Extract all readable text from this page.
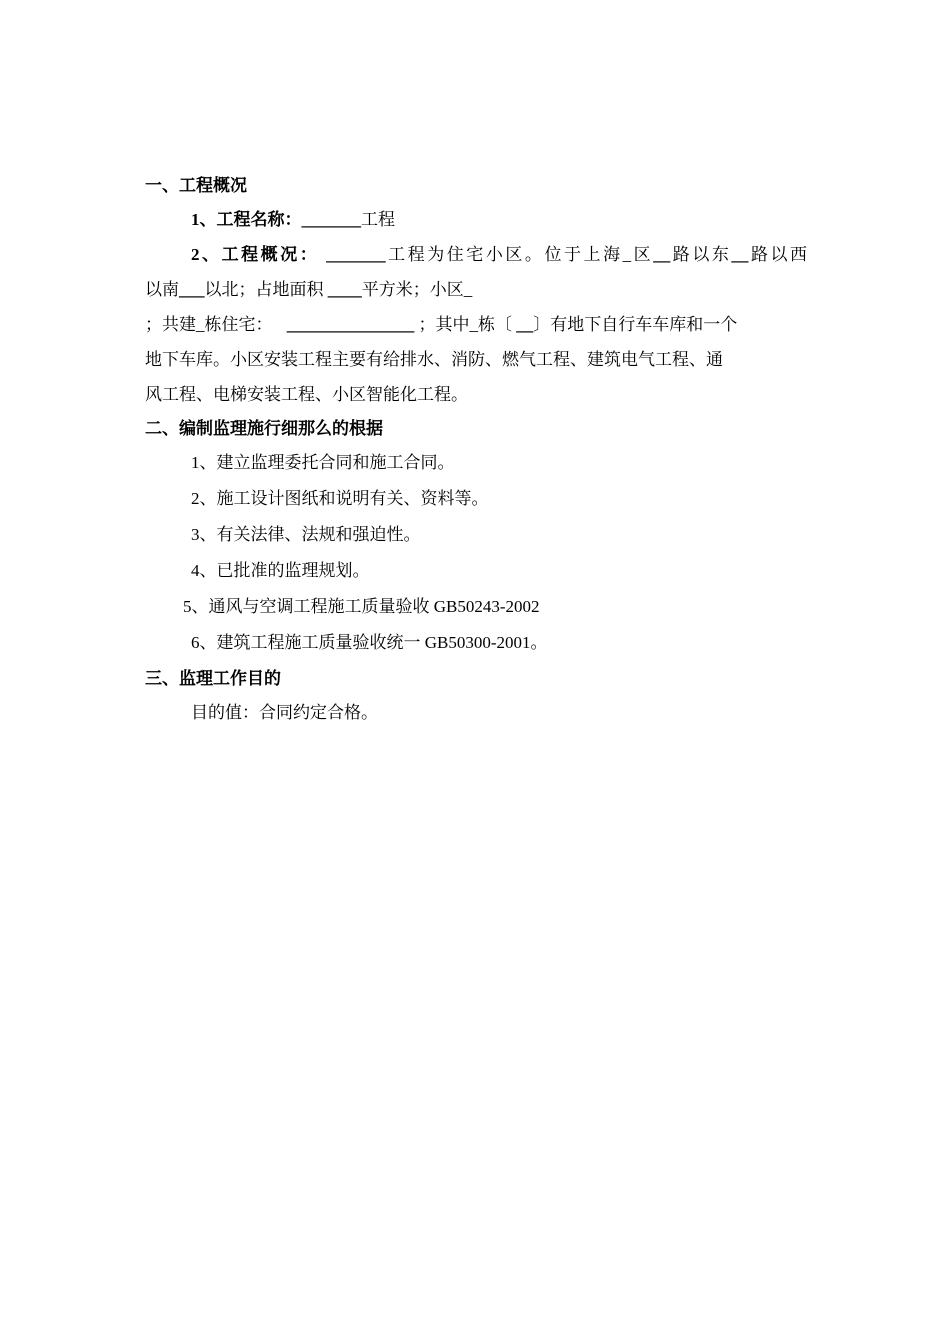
一、工程概况
1、工程名称：_______工程
2、工程概况： _______工程为住宅小区。位于上海_区__路以东__路以西
以南___以北；占地面积 ____平方米；小区_
；共建_栋住宅： _______________ ；其中_栋〔 __〕有地下自行车车库和一个
地下车库。小区安装工程主要有给排水、消防、燃气工程、建筑电气工程、通
风工程、电梯安装工程、小区智能化工程。
二、编制监理施行细那么的根据
1、建立监理委托合同和施工合同。
2、施工设计图纸和说明有关、资料等。
3、有关法律、法规和强迫性。
4、已批准的监理规划。
5、通风与空调工程施工质量验收 GB50243-2002
6、建筑工程施工质量验收统一 GB50300-2001。
三、监理工作目的
目的值：合同约定合格。
